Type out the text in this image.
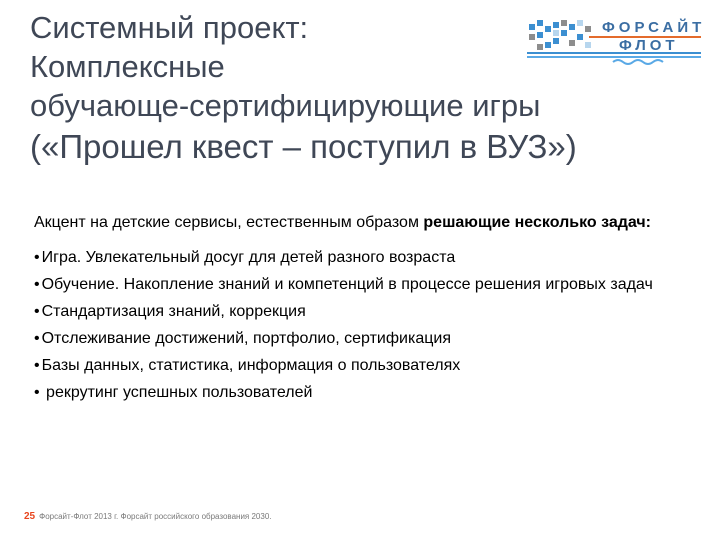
Системный проект:
Комплексные
обучающе-сертифицирующие игры
(«Прошел квест – поступил в ВУЗ»)
ФОРСАЙТ
ФЛОТ

Акцент на детские сервисы, естественным образом решающие несколько задач:

• Игра. Увлекательный досуг для детей разного возраста
• Обучение. Накопление знаний и компетенций в процессе решения игровых задач
• Стандартизация знаний, коррекция
• Отслеживание достижений, портфолио, сертификация
• Базы данных, статистика, информация о пользователях
• рекрутинг успешных пользователей
25 Форсайт-Флот 2013 г. Форсайт российского образования 2030.
